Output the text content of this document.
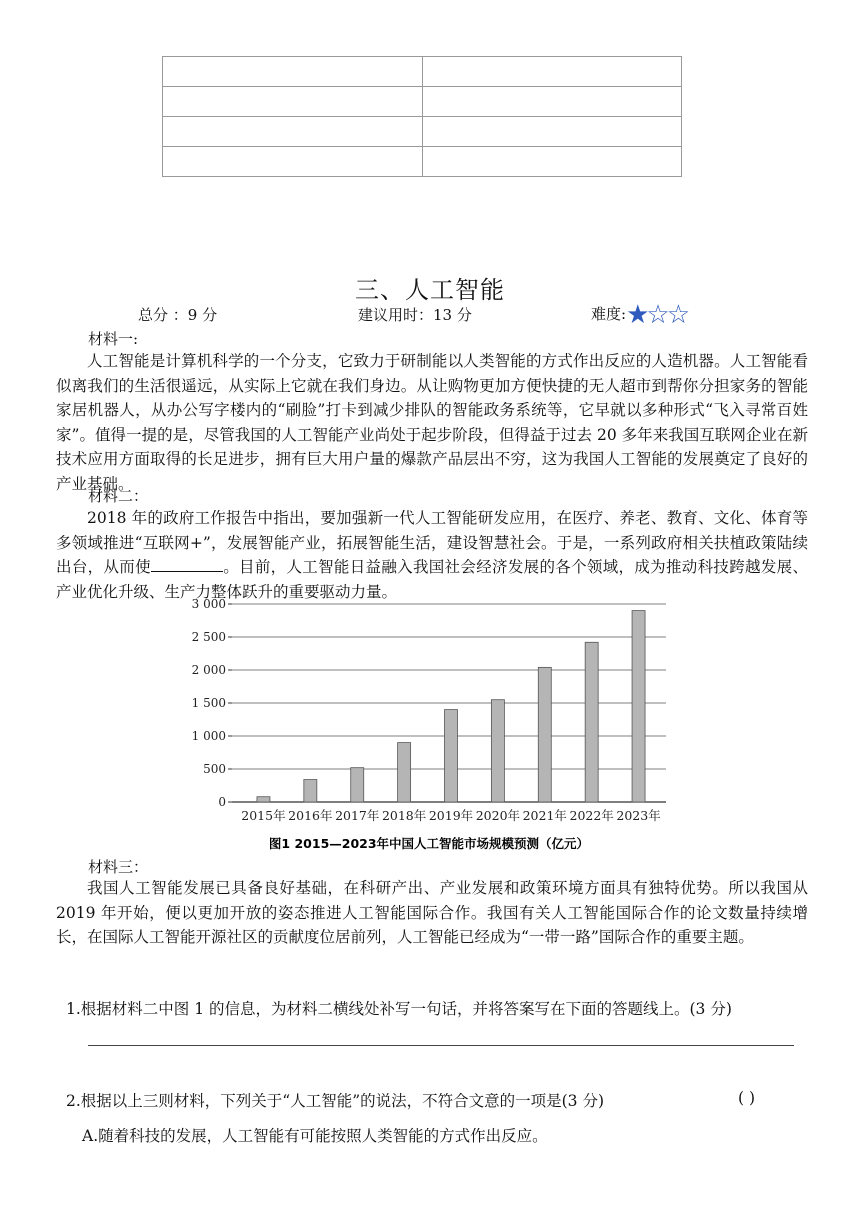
三、人工智能
总分 ：9 分	建议用时：13 分	难度:★☆☆
材料一:

人工智能是计算机科学的一个分支，它致力于研制能以人类智能的方式作出反应的人造机器。人工智能看似离我们的生活很遥远，从实际上它就在我们身边。从让购物更加方便快捷的无人超市到帮你分担家务的智能家居机器人，从办公写字楼内的“刷脸”打卡到减少排队的智能政务系统等，它早就以多种形式“飞入寻常百姓家”。值得一提的是，尽管我国的人工智能产业尚处于起步阶段，但得益于过去 20 多年来我国互联网企业在新技术应用方面取得的长足进步，拥有巨大用户量的爆款产品层出不穷，这为我国人工智能的发展奠定了良好的产业基础。

材料二：

2018 年的政府工作报告中指出，要加强新一代人工智能研发应用，在医疗、养老、教育、文化、体育等多领域推进“互联网+”，发展智能产业，拓展智能生活，建设智慧社会。于是，一系列政府相关扶植政策陆续出台，从而使	。目前，人工智能日益融入我国社会经济发展的各个领域，成为推动科技跨越发展、产业优化升级、生产力整体跃升的重要驱动力量。

2015年 2016年 2017年 2018年 2019年 2020年 2021年 2022年 2023年
0
500
1 000
1 500
2 000
2 500
3 000
图1 2015—2023年中国人工智能市场规模预测（亿元）
材料三：

我国人工智能发展已具备良好基础，在科研产出、产业发展和政策环境方面具有独特优势。所以我国从 2019 年开始，便以更加开放的姿态推进人工智能国际合作。我国有关人工智能国际合作的论文数量持续增长，在国际人工智能开源社区的贡献度位居前列，人工智能已经成为“一带一路”国际合作的重要主题。

1.根据材料二中图 1 的信息，为材料二横线处补写一句话，并将答案写在下面的答题线上。(3 分)
2.根据以上三则材料，下列关于“人工智能”的说法，不符合文意的一项是(3 分)	( )
A.随着科技的发展，人工智能有可能按照人类智能的方式作出反应。
